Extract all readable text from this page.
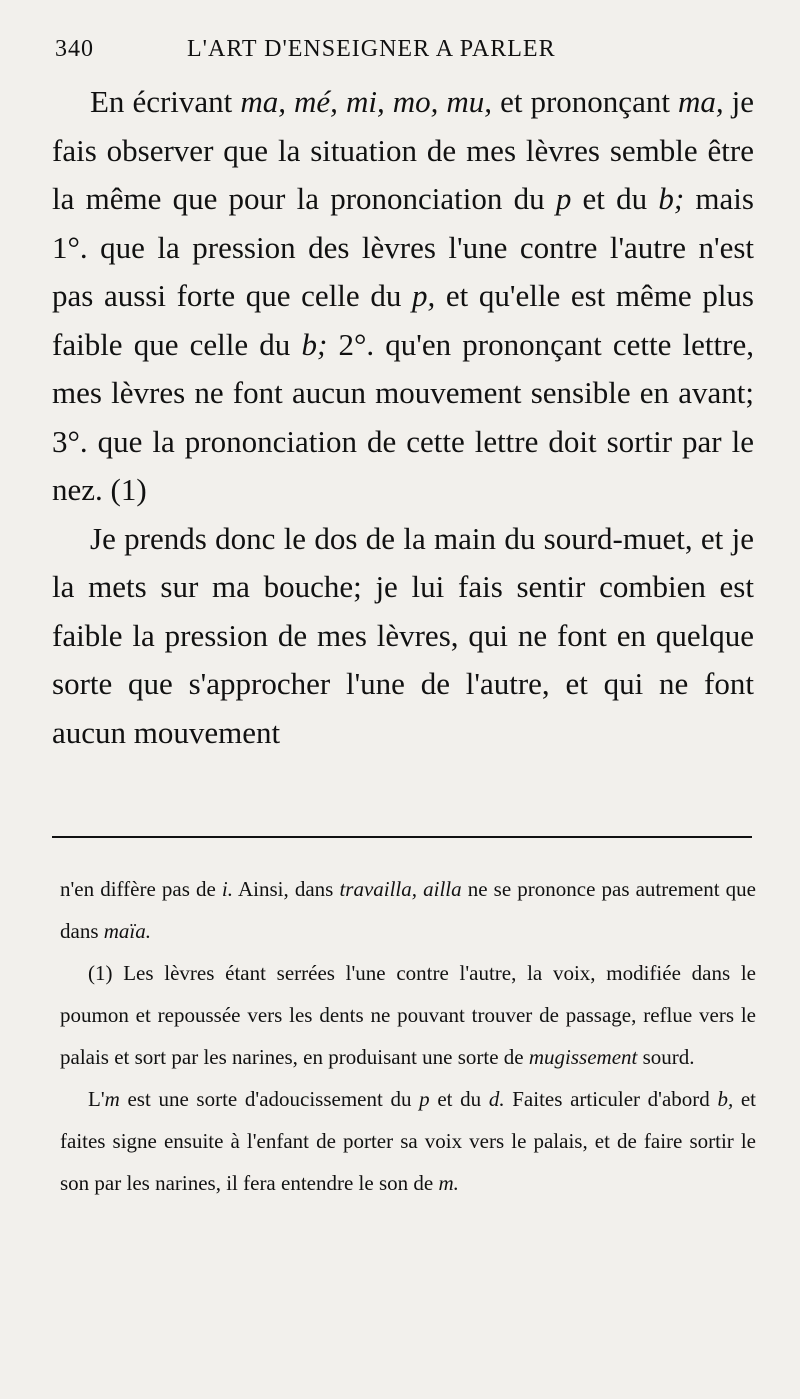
340	L'ART D'ENSEIGNER A PARLER

En écrivant ma, mé, mi, mo, mu, et prononçant ma, je fais observer que la situation de mes lèvres semble être la même que pour la prononciation du p et du b; mais 1°. que la pression des lèvres l'une contre l'autre n'est pas aussi forte que celle du p, et qu'elle est même plus faible que celle du b; 2°. qu'en prononçant cette lettre, mes lèvres ne font aucun mouvement sensible en avant; 3°. que la prononciation de cette lettre doit sortir par le nez. (1)

Je prends donc le dos de la main du sourd-muet, et je la mets sur ma bouche; je lui fais sentir combien est faible la pression de mes lèvres, qui ne font en quelque sorte que s'approcher l'une de l'autre, et qui ne font aucun mouvement

n'en diffère pas de i. Ainsi, dans travailla, ailla ne se prononce pas autrement que dans maïa.

(1) Les lèvres étant serrées l'une contre l'autre, la voix, modifiée dans le poumon et repoussée vers les dents ne pouvant trouver de passage, reflue vers le palais et sort par les narines, en produisant une sorte de mugissement sourd.

L'm est une sorte d'adoucissement du p et du d. Faites articuler d'abord b, et faites signe ensuite à l'enfant de porter sa voix vers le palais, et de faire sortir le son par les narines, il fera entendre le son de m.
